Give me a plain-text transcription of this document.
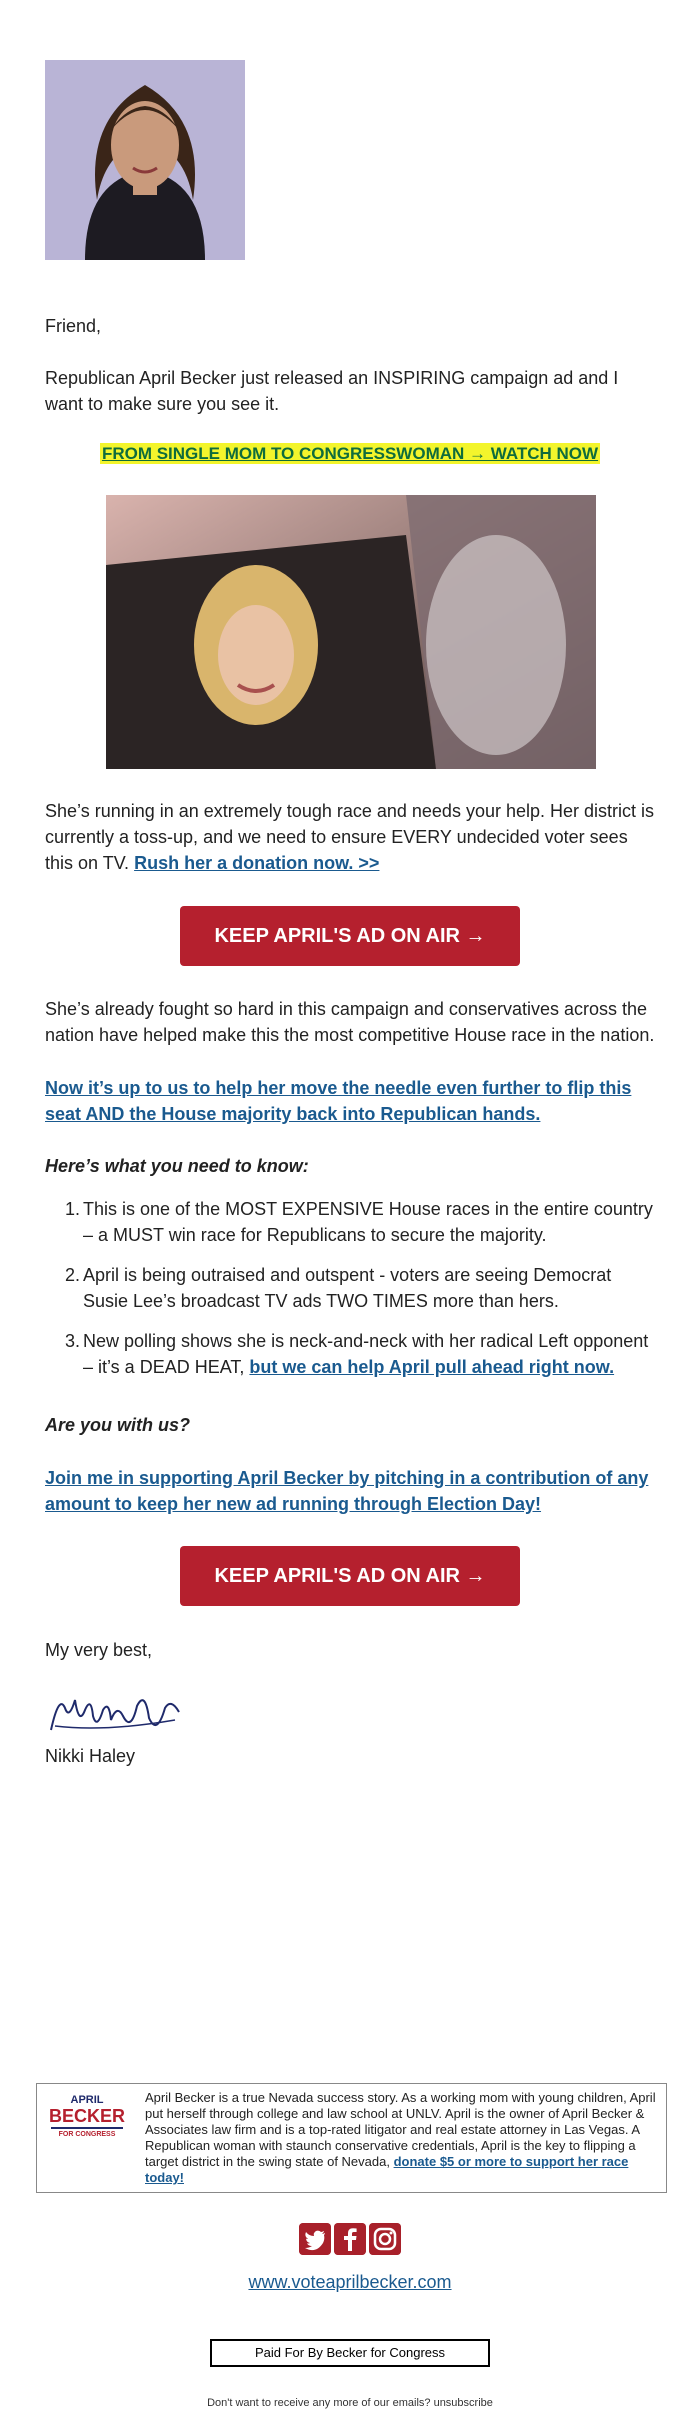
Friend,

Republican April Becker just released an INSPIRING campaign ad and I want to make sure you see it.

FROM SINGLE MOM TO CONGRESSWOMAN → WATCH NOW

She’s running in an extremely tough race and needs your help. Her district is currently a toss-up, and we need to ensure EVERY undecided voter sees this on TV. Rush her a donation now. >>

KEEP APRIL'S AD ON AIR →

She’s already fought so hard in this campaign and conservatives across the nation have helped make this the most competitive House race in the nation.

Now it’s up to us to help her move the needle even further to flip this seat AND the House majority back into Republican hands.

Here’s what you need to know:

1. This is one of the MOST EXPENSIVE House races in the entire country – a MUST win race for Republicans to secure the majority.
2. April is being outraised and outspent - voters are seeing Democrat Susie Lee’s broadcast TV ads TWO TIMES more than hers.
3. New polling shows she is neck-and-neck with her radical Left opponent – it’s a DEAD HEAT, but we can help April pull ahead right now.

Are you with us?

Join me in supporting April Becker by pitching in a contribution of any amount to keep her new ad running through Election Day!

KEEP APRIL'S AD ON AIR →

My very best,

Nikki Haley

APRIL
BECKER
FOR CONGRESS
April Becker is a true Nevada success story. As a working mom with young children, April put herself through college and law school at UNLV. April is the owner of April Becker & Associates law firm and is a top-rated litigator and real estate attorney in Las Vegas. A Republican woman with staunch conservative credentials, April is the key to flipping a target district in the swing state of Nevada, donate $5 or more to support her race today!
www.voteaprilbecker.com
Paid For By Becker for Congress
Don't want to receive any more of our emails? unsubscribe
